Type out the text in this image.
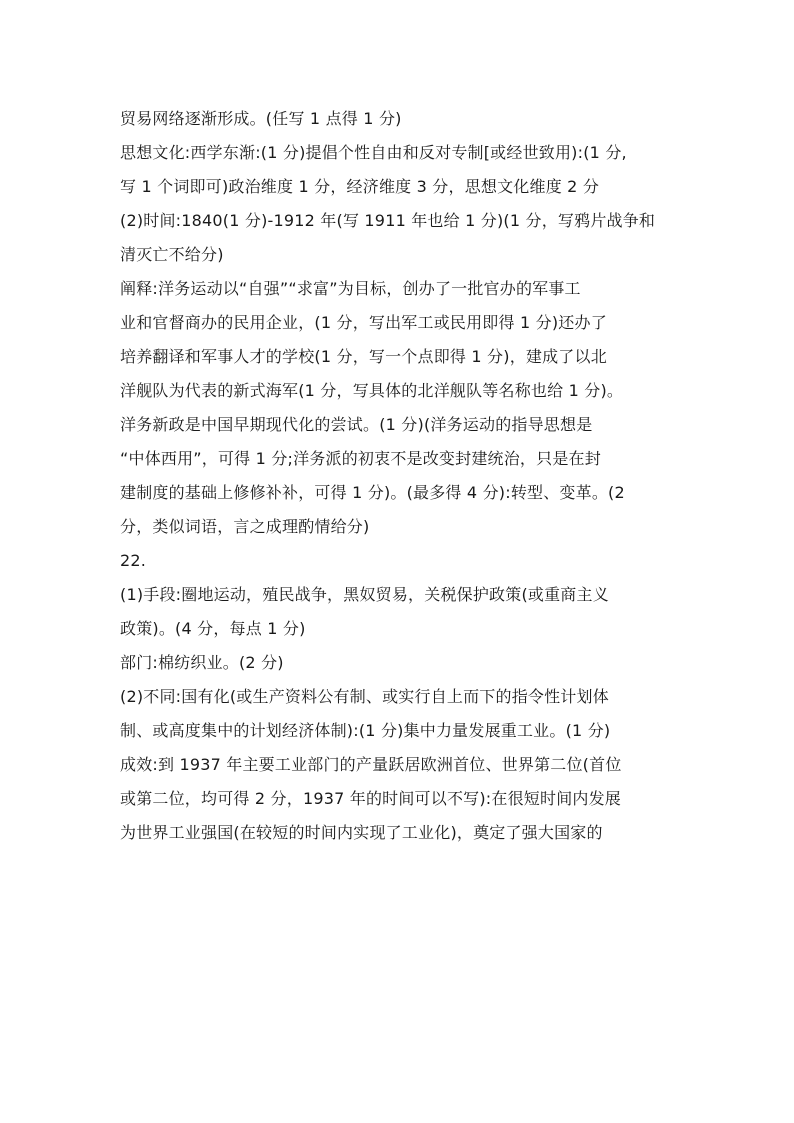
贸易网络逐渐形成。(任写 1 点得 1 分)
思想文化:西学东渐:(1 分)提倡个性自由和反对专制[或经世致用):(1 分,
写 1 个词即可)政治维度 1 分，经济维度 3 分，思想文化维度 2 分
(2)时间:1840(1 分)-1912 年(写 1911 年也给 1 分)(1 分，写鸦片战争和
清灭亡不给分)
阐释:洋务运动以“自强”“求富”为目标，创办了一批官办的军事工
业和官督商办的民用企业，(1 分，写出军工或民用即得 1 分)还办了
培养翻译和军事人才的学校(1 分，写一个点即得 1 分)，建成了以北
洋舰队为代表的新式海军(1 分，写具体的北洋舰队等名称也给 1 分)。
洋务新政是中国早期现代化的尝试。(1 分)(洋务运动的指导思想是
“中体西用”，可得 1 分;洋务派的初衷不是改变封建统治，只是在封
建制度的基础上修修补补，可得 1 分)。(最多得 4 分):转型、变革。(2
分，类似词语，言之成理酌情给分)
22.
(1)手段:圈地运动，殖民战争，黑奴贸易，关税保护政策(或重商主义
政策)。(4 分，每点 1 分)
部门:棉纺织业。(2 分)
(2)不同:国有化(或生产资料公有制、或实行自上而下的指令性计划体
制、或高度集中的计划经济体制):(1 分)集中力量发展重工业。(1 分)
成效:到 1937 年主要工业部门的产量跃居欧洲首位、世界第二位(首位
或第二位，均可得 2 分，1937 年的时间可以不写):在很短时间内发展
为世界工业强国(在较短的时间内实现了工业化)，奠定了强大国家的
